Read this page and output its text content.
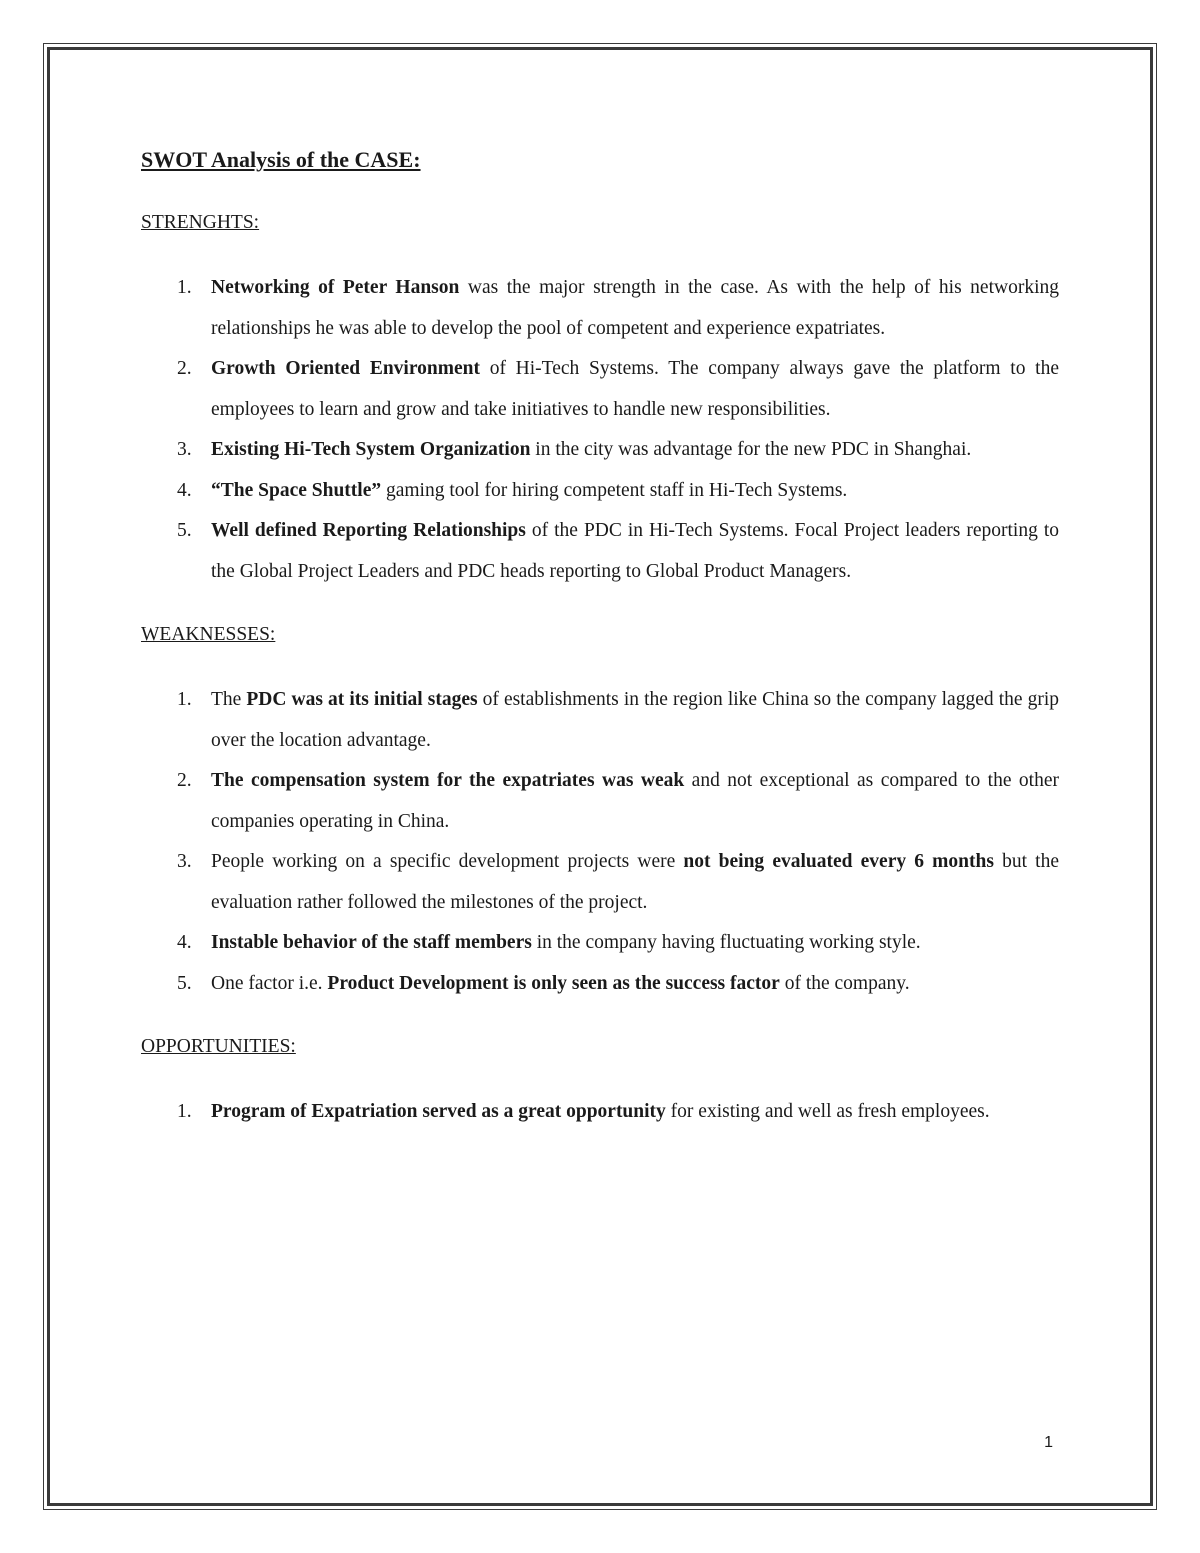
SWOT Analysis of the CASE:

STRENGHTS:

1. Networking of Peter Hanson was the major strength in the case. As with the help of his networking relationships he was able to develop the pool of competent and experience expatriates.
2. Growth Oriented Environment of Hi-Tech Systems. The company always gave the platform to the employees to learn and grow and take initiatives to handle new responsibilities.
3. Existing Hi-Tech System Organization in the city was advantage for the new PDC in Shanghai.
4. “The Space Shuttle” gaming tool for hiring competent staff in Hi-Tech Systems.
5. Well defined Reporting Relationships of the PDC in Hi-Tech Systems. Focal Project leaders reporting to the Global Project Leaders and PDC heads reporting to Global Product Managers.

WEAKNESSES:

1. The PDC was at its initial stages of establishments in the region like China so the company lagged the grip over the location advantage.
2. The compensation system for the expatriates was weak and not exceptional as compared to the other companies operating in China.
3. People working on a specific development projects were not being evaluated every 6 months but the evaluation rather followed the milestones of the project.
4. Instable behavior of the staff members in the company having fluctuating working style.
5. One factor i.e. Product Development is only seen as the success factor of the company.

OPPORTUNITIES:

1. Program of Expatriation served as a great opportunity for existing and well as fresh employees.
1
